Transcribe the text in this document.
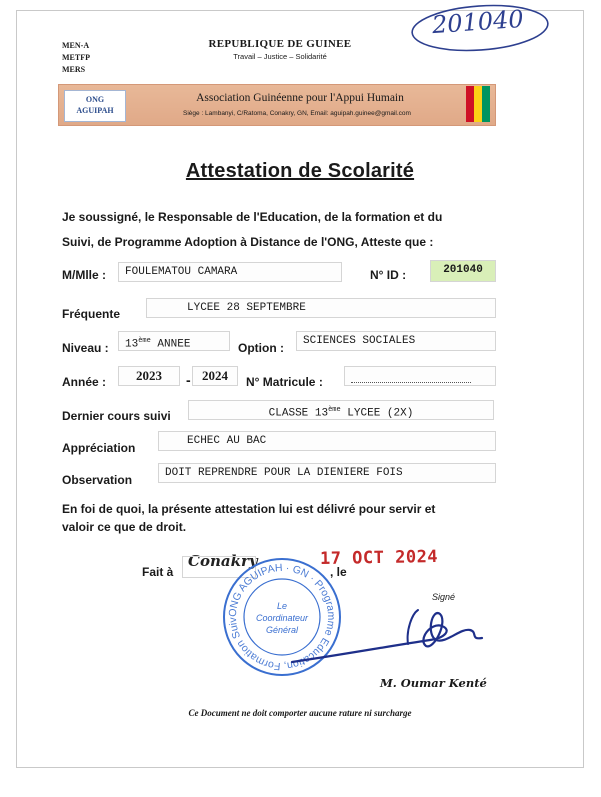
201040
MEN-A
METFP
MERS
REPUBLIQUE DE GUINEE
Travail – Justice – Solidarité
ONG
AGUIPAH
Association Guinéenne pour l'Appui Humain
Siège : Lambanyi, C/Ratoma, Conakry, GN, Email: aguipah.guinee@gmail.com
Attestation de Scolarité
Je soussigné, le Responsable de l'Education, de la formation et du
Suivi, de Programme Adoption à Distance de l'ONG, Atteste que :
M/Mlle :	FOULEMATOU CAMARA	N° ID :	201040
Fréquente	LYCEE 28 SEPTEMBRE
Niveau :	13ème ANNEE	Option :	SCIENCES SOCIALES
Année :	2023	- 2024	N° Matricule :
Dernier cours suivi	CLASSE 13ème LYCEE (2X)
Appréciation	ECHEC AU BAC
Observation	DOIT REPRENDRE POUR LA DIENIERE FOIS
En foi de quoi, la présente attestation lui est délivré pour servir et
valoir ce que de droit.
Fait à
Conakry
, le
17 OCT 2024
Signé
ONG AGUIPAH · GN · Programme Education, Formation Suiv
Le
Coordinateur
Général
M. Oumar Kenté
Ce Document ne doit comporter aucune rature ni surcharge
